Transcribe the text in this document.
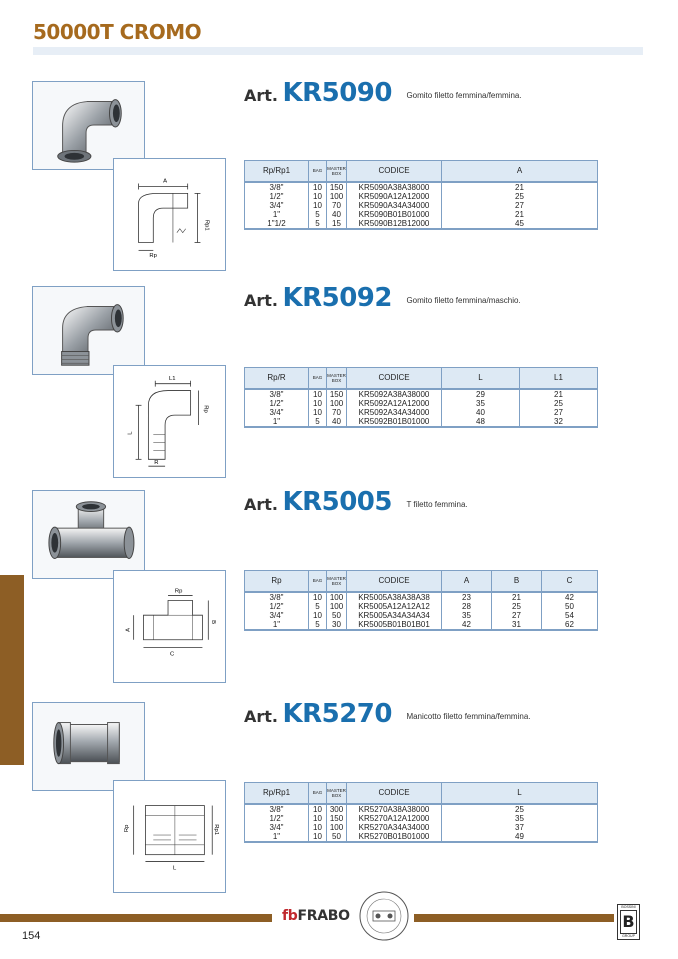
50000T CROMO
A
Rp1
Rp
Art. KR5090 Gomito filetto femmina/femmina.
Rp/Rp1	BAG	MASTER BOX	CODICE	A
3/8"	10	150	KR5090A38A38000	21
1/2"	10	100	KR5090A12A12000	25
3/4"	10	70	KR5090A34A34000	27
1"	5	40	KR5090B01B01000	21
1"1/2	5	15	KR5090B12B12000	45
L1
Rp
L
R
Art. KR5092 Gomito filetto femmina/maschio.
Rp/R	BAG	MASTER BOX	CODICE	L	L1
3/8"	10	150	KR5092A38A38000	29	21
1/2"	10	100	KR5092A12A12000	35	25
3/4"	10	70	KR5092A34A34000	40	27
1"	5	40	KR5092B01B01000	48	32
Rp
B
A
C
Art. KR5005 T filetto femmina.
Rp	BAG	MASTER BOX	CODICE	A	B	C
3/8"	10	100	KR5005A38A38A38	23	21	42
1/2"	5	100	KR5005A12A12A12	28	25	50
3/4"	10	50	KR5005A34A34A34	35	27	54
1"	5	30	KR5005B01B01B01	42	31	62
Rp	Rp1
L
Art. KR5270 Manicotto filetto femmina/femmina.
Rp/Rp1	BAG	MASTER BOX	CODICE	L
3/8"	10	300	KR5270A38A38000	25
1/2"	10	150	KR5270A12A12000	35
3/4"	10	100	KR5270A34A34000	37
1"	10	50	KR5270B01B01000	49
fbFRABO
BOSSINI
B
GROUP
154
